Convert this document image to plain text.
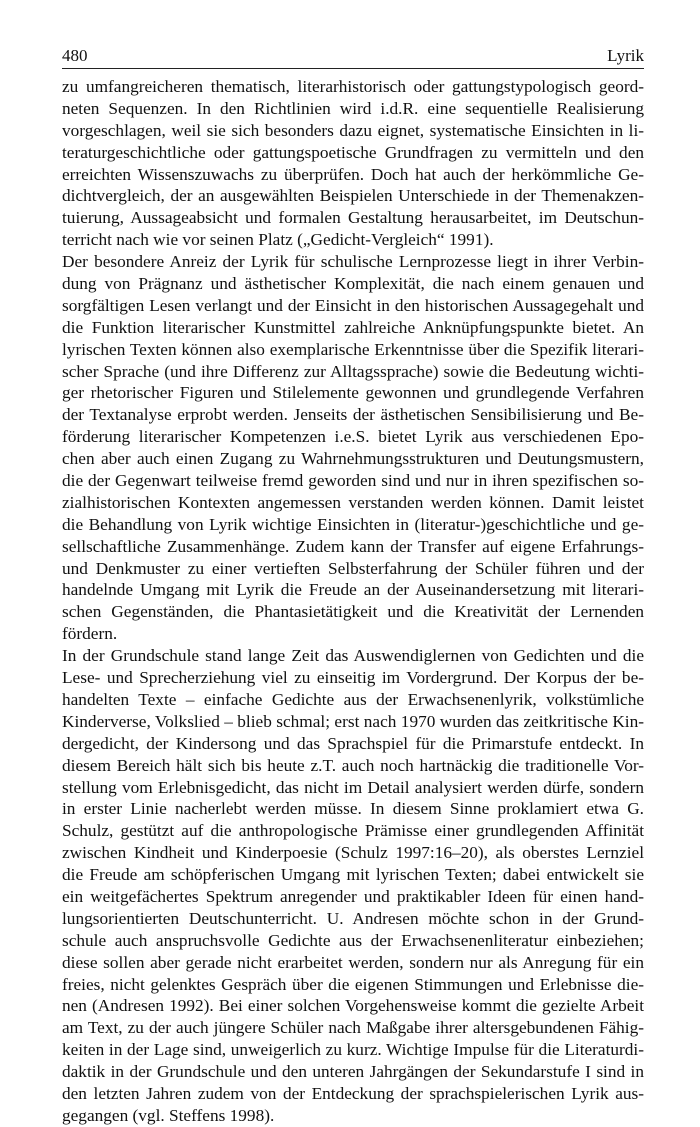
480	Lyrik
zu umfangreicheren thematisch, literarhistorisch oder gattungstypologisch geord-
neten Sequenzen. In den Richtlinien wird i.d.R. eine sequentielle Realisierung
vorgeschlagen, weil sie sich besonders dazu eignet, systematische Einsichten in li-
teraturgeschichtliche oder gattungspoetische Grundfragen zu vermitteln und den
erreichten Wissenszuwachs zu überprüfen. Doch hat auch der herkömmliche Ge-
dichtvergleich, der an ausgewählten Beispielen Unterschiede in der Themenakzen-
tuierung, Aussageabsicht und formalen Gestaltung herausarbeitet, im Deutschun-
terricht nach wie vor seinen Platz („Gedicht-Vergleich“ 1991).
Der besondere Anreiz der Lyrik für schulische Lernprozesse liegt in ihrer Verbin-
dung von Prägnanz und ästhetischer Komplexität, die nach einem genauen und
sorgfältigen Lesen verlangt und der Einsicht in den historischen Aussagegehalt und
die Funktion literarischer Kunstmittel zahlreiche Anknüpfungspunkte bietet. An
lyrischen Texten können also exemplarische Erkenntnisse über die Spezifik literari-
scher Sprache (und ihre Differenz zur Alltagssprache) sowie die Bedeutung wichti-
ger rhetorischer Figuren und Stilelemente gewonnen und grundlegende Verfahren
der Textanalyse erprobt werden. Jenseits der ästhetischen Sensibilisierung und Be-
förderung literarischer Kompetenzen i.e.S. bietet Lyrik aus verschiedenen Epo-
chen aber auch einen Zugang zu Wahrnehmungsstrukturen und Deutungsmustern,
die der Gegenwart teilweise fremd geworden sind und nur in ihren spezifischen so-
zialhistorischen Kontexten angemessen verstanden werden können. Damit leistet
die Behandlung von Lyrik wichtige Einsichten in (literatur-)geschichtliche und ge-
sellschaftliche Zusammenhänge. Zudem kann der Transfer auf eigene Erfahrungs-
und Denkmuster zu einer vertieften Selbsterfahrung der Schüler führen und der
handelnde Umgang mit Lyrik die Freude an der Auseinandersetzung mit literari-
schen Gegenständen, die Phantasietätigkeit und die Kreativität der Lernenden
fördern.
In der Grundschule stand lange Zeit das Auswendiglernen von Gedichten und die
Lese- und Sprecherziehung viel zu einseitig im Vordergrund. Der Korpus der be-
handelten Texte – einfache Gedichte aus der Erwachsenenlyrik, volkstümliche
Kinderverse, Volkslied – blieb schmal; erst nach 1970 wurden das zeitkritische Kin-
dergedicht, der Kindersong und das Sprachspiel für die Primarstufe entdeckt. In
diesem Bereich hält sich bis heute z.T. auch noch hartnäckig die traditionelle Vor-
stellung vom Erlebnisgedicht, das nicht im Detail analysiert werden dürfe, sondern
in erster Linie nacherlebt werden müsse. In diesem Sinne proklamiert etwa G.
Schulz, gestützt auf die anthropologische Prämisse einer grundlegenden Affinität
zwischen Kindheit und Kinderpoesie (Schulz 1997:16–20), als oberstes Lernziel
die Freude am schöpferischen Umgang mit lyrischen Texten; dabei entwickelt sie
ein weitgefächertes Spektrum anregender und praktikabler Ideen für einen hand-
lungsorientierten Deutschunterricht. U. Andresen möchte schon in der Grund-
schule auch anspruchsvolle Gedichte aus der Erwachsenenliteratur einbeziehen;
diese sollen aber gerade nicht erarbeitet werden, sondern nur als Anregung für ein
freies, nicht gelenktes Gespräch über die eigenen Stimmungen und Erlebnisse die-
nen (Andresen 1992). Bei einer solchen Vorgehensweise kommt die gezielte Arbeit
am Text, zu der auch jüngere Schüler nach Maßgabe ihrer altersgebundenen Fähig-
keiten in der Lage sind, unweigerlich zu kurz. Wichtige Impulse für die Literaturdi-
daktik in der Grundschule und den unteren Jahrgängen der Sekundarstufe I sind in
den letzten Jahren zudem von der Entdeckung der sprachspielerischen Lyrik aus-
gegangen (vgl. Steffens 1998).
